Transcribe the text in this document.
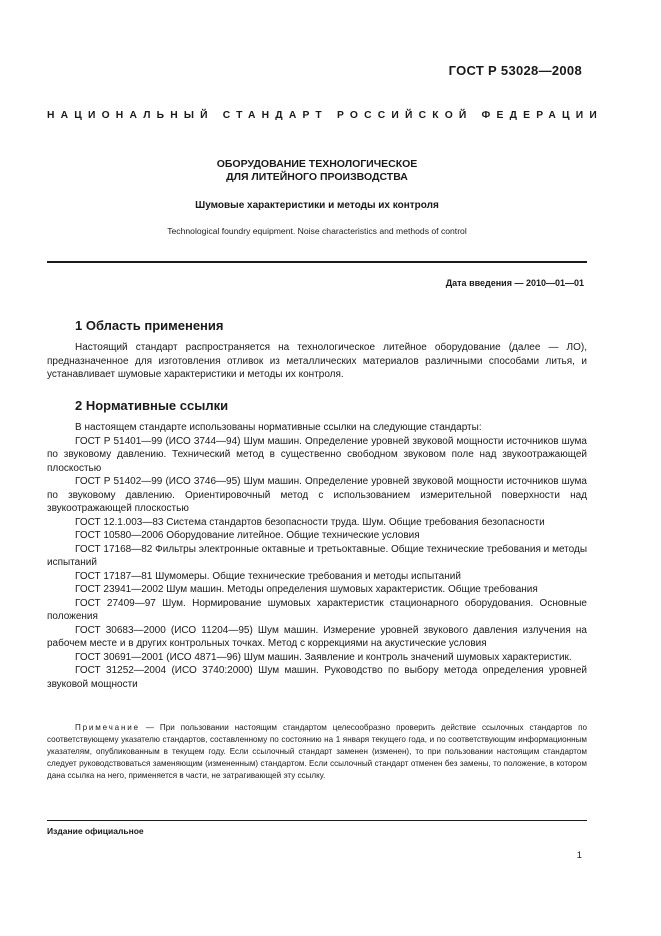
ГОСТ Р 53028—2008
НАЦИОНАЛЬНЫЙ СТАНДАРТ РОССИЙСКОЙ ФЕДЕРАЦИИ
ОБОРУДОВАНИЕ ТЕХНОЛОГИЧЕСКОЕ
ДЛЯ ЛИТЕЙНОГО ПРОИЗВОДСТВА
Шумовые характеристики и методы их контроля
Technological foundry equipment. Noise characteristics and methods of control
Дата введения — 2010—01—01
1 Область применения

Настоящий стандарт распространяется на технологическое литейное оборудование (далее — ЛО), предназначенное для изготовления отливок из металлических материалов различными способами литья, и устанавливает шумовые характеристики и методы их контроля.

2 Нормативные ссылки

В настоящем стандарте использованы нормативные ссылки на следующие стандарты:

ГОСТ Р 51401—99 (ИСО 3744—94) Шум машин. Определение уровней звуковой мощности источников шума по звуковому давлению. Технический метод в существенно свободном звуковом поле над звукоотражающей плоскостью

ГОСТ Р 51402—99 (ИСО 3746—95) Шум машин. Определение уровней звуковой мощности источников шума по звуковому давлению. Ориентировочный метод с использованием измерительной поверхности над звукоотражающей плоскостью

ГОСТ 12.1.003—83 Система стандартов безопасности труда. Шум. Общие требования безопасности

ГОСТ 10580—2006 Оборудование литейное. Общие технические условия

ГОСТ 17168—82 Фильтры электронные октавные и третьоктавные. Общие технические требования и методы испытаний

ГОСТ 17187—81 Шумомеры. Общие технические требования и методы испытаний

ГОСТ 23941—2002 Шум машин. Методы определения шумовых характеристик. Общие требования

ГОСТ 27409—97 Шум. Нормирование шумовых характеристик стационарного оборудования. Основные положения

ГОСТ 30683—2000 (ИСО 11204—95) Шум машин. Измерение уровней звукового давления излучения на рабочем месте и в других контрольных точках. Метод с коррекциями на акустические условия

ГОСТ 30691—2001 (ИСО 4871—96) Шум машин. Заявление и контроль значений шумовых характеристик.

ГОСТ 31252—2004 (ИСО 3740:2000) Шум машин. Руководство по выбору метода определения уровней звуковой мощности

Примечание — При пользовании настоящим стандартом целесообразно проверить действие ссылочных стандартов по соответствующему указателю стандартов, составленному по состоянию на 1 января текущего года, и по соответствующим информационным указателям, опубликованным в текущем году. Если ссылочный стандарт заменен (изменен), то при пользовании настоящим стандартом следует руководствоваться заменяющим (измененным) стандартом. Если ссылочный стандарт отменен без замены, то положение, в котором дана ссылка на него, применяется в части, не затрагивающей эту ссылку.

Издание официальное
1
